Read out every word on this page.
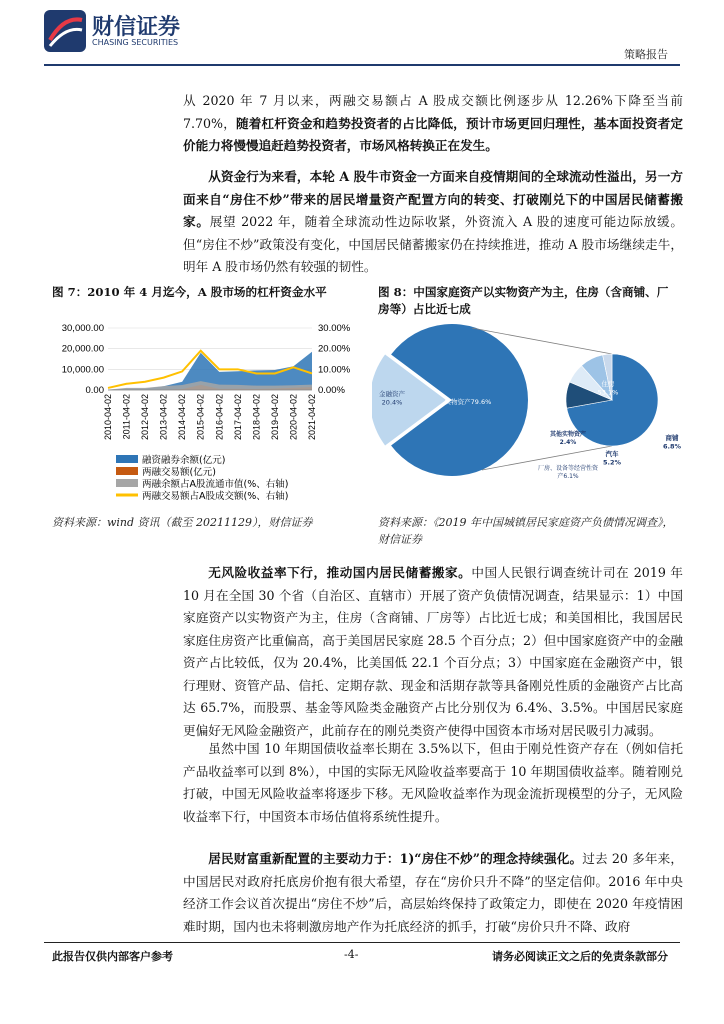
财信证券
CHASING SECURITIES
策略报告

从 2020 年 7 月以来，两融交易额占 A 股成交额比例逐步从 12.26%下降至当前 7.70%，随着杠杆资金和趋势投资者的占比降低，预计市场更回归理性，基本面投资者定价能力将慢慢追赶趋势投资者，市场风格转换正在发生。

从资金行为来看，本轮 A 股牛市资金一方面来自疫情期间的全球流动性溢出，另一方面来自“房住不炒”带来的居民增量资产配置方向的转变、打破刚兑下的中国居民储蓄搬家。展望 2022 年，随着全球流动性边际收紧，外资流入 A 股的速度可能边际放缓。但“房住不炒”政策没有变化，中国居民储蓄搬家仍在持续推进，推动 A 股市场继续走牛，明年 A 股市场仍然有较强的韧性。

图 7：2010 年 4 月迄今，A 股市场的杠杆资金水平	图 8：中国家庭资产以实物资产为主，住房（含商铺、厂房等）占比近七成

30,000.00
20,000.00
10,000.00
0.00
30.00%
20.00%
10.00%
0.00%
2010-04-02 2011-04-02 2012-04-02 2013-04-02 2014-04-02 2015-04-02 2016-04-02 2017-04-02 2018-04-02 2019-04-02 2020-04-02 2021-04-02
融资融券余额(亿元)
两融交易额(亿元)
两融余额占A股流通市值(%、右轴)
两融交易额占A股成交额(%、右轴)
实物资产79.6%
金融资产 20.4%
住房 53.1%
商铺 6.8%
汽车 5.2%
厂房、设备等经营性资产6.1%
其他实物资产 2.4%

资料来源：wind 资讯（截至 20211129），财信证券	资料来源：《2019 年中国城镇居民家庭资产负债情况调查》，财信证券

无风险收益率下行，推动国内居民储蓄搬家。中国人民银行调查统计司在 2019 年 10 月在全国 30 个省（自治区、直辖市）开展了资产负债情况调查，结果显示：1）中国家庭资产以实物资产为主，住房（含商铺、厂房等）占比近七成；和美国相比，我国居民家庭住房资产比重偏高，高于美国居民家庭 28.5 个百分点；2）但中国家庭资产中的金融资产占比较低，仅为 20.4%，比美国低 22.1 个百分点；3）中国家庭在金融资产中，银行理财、资管产品、信托、定期存款、现金和活期存款等具备刚兑性质的金融资产占比高达 65.7%，而股票、基金等风险类金融资产占比分别仅为 6.4%、3.5%。中国居民家庭更偏好无风险金融资产，此前存在的刚兑类资产使得中国资本市场对居民吸引力减弱。

虽然中国 10 年期国债收益率长期在 3.5%以下，但由于刚兑性资产存在（例如信托产品收益率可以到 8%），中国的实际无风险收益率要高于 10 年期国债收益率。随着刚兑打破，中国无风险收益率将逐步下移。无风险收益率作为现金流折现模型的分子，无风险收益率下行，中国资本市场估值将系统性提升。

居民财富重新配置的主要动力于：1)“房住不炒”的理念持续强化。过去 20 多年来，中国居民对政府托底房价抱有很大希望，存在“房价只升不降”的坚定信仰。2016 年中央经济工作会议首次提出“房住不炒”后，高层始终保持了政策定力，即使在 2020 年疫情困难时期，国内也未将刺激房地产作为托底经济的抓手，打破“房价只升不降、政府

此报告仅供内部客户参考	-4-	请务必阅读正文之后的免责条款部分
